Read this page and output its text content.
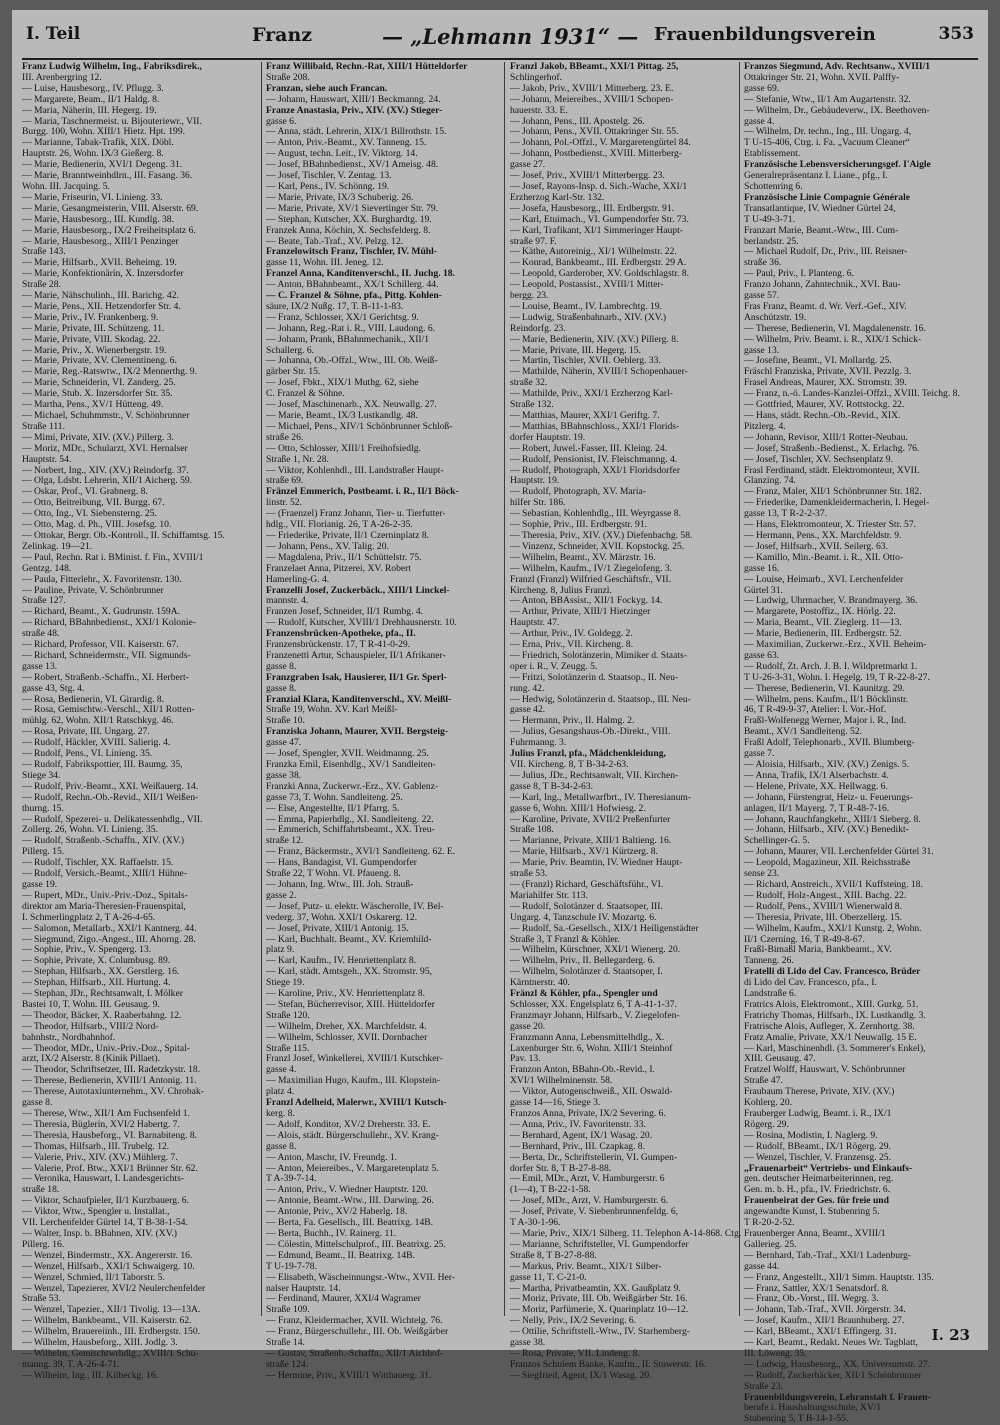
I. Teil	Franz	— „Lehmann 1931“ — Frauenbildungsverein	353
Franz Ludwig Wilhelm, Ing., Fabriksdirek.,
III. Arenbergring 12.
— Luise, Hausbesorg., IV. Pflugg. 3.
— Margarete, Beam., II/1 Haldg. 8.
— Maria, Näherin, III. Hegerg. 19.
— Maria, Taschnermeist. u. Bijouteriewr., VII.
Burgg. 100, Wohn. XIII/1 Hietz. Hpt. 199.
— Marianne, Tabak-Trafik, XIX. Döbl.
Hauptstr. 26, Wohn. IX/3 Gießerg. 8.
— Marie, Bedienerin, XVI/1 Degeng. 31.
— Marie, Branntweinhdlrn., III. Fasang. 36.
Wohn. III. Jacquing. 5.
— Marie, Friseurin, VI. Linieng. 33.
— Marie, Gesangmeisterin, VIII. Alserstr. 69.
— Marie, Hausbesorg., III. Kundlg. 38.
— Marie, Hausbesorg., IX/2 Freiheitsplatz 6.
— Marie, Hausbesorg., XIII/1 Penzinger
Straße 143.
— Marie, Hilfsarb., XVII. Beheimg. 19.
— Marie, Konfektionärin, X. Inzersdorfer
Straße 28.
— Marie, Nähschulinh., III. Barichg. 42.
— Marie, Pens., XII. Hetzendorfer Str. 4.
— Marie, Priv., IV. Frankenberg. 9.
— Marie, Private, III. Schützeng. 11.
— Marie, Private, VIII. Skodag. 22.
— Marie, Priv., X. Wienerbergstr. 19.
— Marie, Private, XV. Clementineng. 6.
— Marie, Reg.-Ratswtw., IX/2 Mennerthg. 9.
— Marie, Schneiderin, VI. Zanderg. 25.
— Marie, Stub. X. Inzersdorfer Str. 35.
— Martha, Pens., XV/1 Hütteng. 49.
— Michael, Schuhmmstr., V. Schönbrunner
Straße 111.
— Mimi, Private, XIV. (XV.) Pillerg. 3.
— Moriz, MDr., Schularzt, XVI. Hernalser
Hauptstr. 54.
— Norbert, Ing., XIV. (XV.) Reindorfg. 37.
— Olga, Ldsbt. Lehrerin, XII/1 Aicherg. 59.
— Oskar, Prof., VI. Grabnerg. 8.
— Otto, Beitreibung, VII. Burgg. 67.
— Otto, Ing., VI. Siebensterng. 25.
— Otto, Mag. d. Ph., VIII. Josefsg. 10.
— Ottokar, Bergr. Ob.-Kontroll., II. Schiffamtsg. 15.
Zelinkag. 19—21.
— Paul, Rechn. Rat i. BMinist. f. Fin., XVIII/1
Gentzg. 148.
— Paula, Fitterlehr., X. Favoritenstr. 130.
— Pauline, Private, V. Schönbrunner
Straße 127.
— Richard, Beamt., X. Gudrunstr. 159A.
— Richard, BBahnbedienst., XXI/1 Kolonie-
straße 48.
— Richard, Professor, VII. Kaiserstr. 67.
— Richard, Schneidermstr., VII. Sigmunds-
gasse 13.
— Robert, Straßenb.-Schaffn., XI. Herbert-
gasse 43, Stg. 4.
— Rosa, Bedienerin, VI. Girardig. 8.
— Rosa, Gemischtw.-Verschl., XII/1 Rotten-
mühlg. 62, Wohn. XII/1 Ratschkyg. 46.
— Rosa, Private, III. Ungarg. 27.
— Rudolf, Häckler, XVIII. Salierig. 4.
— Rudolf, Pens., VI. Linieng. 35.
— Rudolf, Fabrikspottier, III. Baumg. 35,
Stiege 34.
— Rudolf, Priv.-Beamt., XXI. Weißauerg. 14.
— Rudolf, Rechn.-Ob.-Revid., XII/1 Weißen-
thurng. 15.
— Rudolf, Spezerei- u. Delikatessenhdlg., VII.
Zollerg. 26, Wohn. VI. Linieng. 35.
— Rudolf, Straßenb.-Schaffn., XIV. (XV.)
Pillerg. 15.
— Rudolf, Tischler, XX. Raffaelstr. 15.
— Rudolf, Versich.-Beamt., XIII/1 Hühne-
gasse 19.
— Rupert, MDr., Univ.-Priv.-Doz., Spitals-
direktor am Maria-Theresien-Frauenspital,
I. Schmerlingplatz 2, T A-26-4-65.
— Salomon, Metallarb., XXI/1 Kantnerg. 44.
— Siegmund, Zigo.-Angest., III. Ahorng. 28.
— Sophie, Priv., V. Spengerg. 13.
— Sophie, Private, X. Columbusg. 89.
— Stephan, Hilfsarb., XX. Gerstlerg. 16.
— Stephan, Hilfsarb., XII. Hurtung. 4.
— Stephan, JDr., Rechtsanwalt, I. Mölker
Bastei 10, T. Wohn. III. Geusaug. 9.
— Theodor, Bäcker, X. Raaberbahng. 12.
— Theodor, Hilfsarb., VIII/2 Nord-
bahnhstr., Nordbahnhof.
— Theodor, MDr., Univ.-Priv.-Doz., Spital-
arzt, IX/2 Alserstr. 8 (Kinik Pillaet).
— Theodor, Schriftsetzer, III. Radetzkystr. 18.
— Therese, Bedienerin, XVIII/1 Antonig. 11.
— Therese, Autotaxiunternehm., XV. Chrobak-
gasse 8.
— Therese, Wtw., XII/1 Am Fuchsenfeld 1.
— Theresia, Büglerin, XVI/2 Habertg. 7.
— Theresia, Hausbeforg., VI. Barnabiteng. 8.
— Thomas, Hilfsarb., III. Trubelg. 12.
— Valerie, Priv., XIV. (XV.) Mühlerg. 7.
— Valerie, Prof. Btw., XXI/1 Brünner Str. 62.
— Veronika, Hauswart, I. Landesgerichts-
straße 18.
— Viktor, Schaufpieler, II/1 Kurzbauerg. 6.
— Viktor, Wtw., Spengler u. Installat.,
VII. Lerchenfelder Gürtel 14, T B-38-1-54.
— Walter, Insp. b. BBahnen, XIV. (XV.)
Pillerg. 16.
— Wenzel, Bindermstr., XX. Angererstr. 16.
— Wenzel, Hilfsarb., XXI/1 Schwaigerg. 10.
— Wenzel, Schmied, II/1 Taborstr. 5.
— Wenzel, Tapezierer, XVI/2 Neulerchenfelder
Straße 53.
— Wenzel, Tapezier., XII/1 Tivolig. 13—13A.
— Wilhelm, Bankbeamt., VII. Kaiserstr. 62.
— Wilhelm, Brauereiinh., III. Erdbergstr. 150.
— Wilhelm, Hausbeforg., XIII. Jodlg. 3.
— Wilhelm, Gemischtwrhdlg., XVIII/1 Schu-
manng. 39, T. A-26-4-71.
— Wilhelm, Ing., III. Kilbeckg. 16.
Franz Willibald, Rechn.-Rat, XIII/1 Hütteldorfer
Straße 208.
Franzan, siehe auch Francan.
— Johann, Hauswart, XIII/1 Beckmanng. 24.
Franze Anastasia, Priv., XIV. (XV.) Stieger-
gasse 6.
— Anna, städt. Lehrerin, XIX/1 Billrothstr. 15.
— Anton, Priv.-Beamt., XV. Tanneng. 15.
— August, techn. Leit., IV. Viktorg. 14.
— Josef, BBahnbedienst., XV/1 Ameisg. 48.
— Josef, Tischler, V. Zentag. 13.
— Karl, Pens., IV. Schönng. 19.
— Marie, Private, IX/3 Schuberig. 26.
— Marie, Private, XV/1 Sievertinger Str. 79.
— Stephan, Kutscher, XX. Burghardtg. 19.
Franzek Anna, Köchin, X. Sechsfelderg. 8.
— Beate, Tab.-Traf., XV. Pelzg. 12.
Franzelowitsch Franz, Tischler, IV. Mühl-
gasse 11, Wohn. III. Jeneg. 12.
Franzel Anna, Kanditenverschl., II. Juchg. 18.
— Anton, BBahnbeamt., XX/1 Schillerg. 44.
— C. Franzel & Söhne, pfa., Pittg. Kohlen-
säure, IX/2 Nußg. 17, T. B-11-1-83.
— Franz, Schlosser, XX/1 Gerichtsg. 9.
— Johann, Reg.-Rat i. R., VIII. Laudong. 6.
— Johann, Prank, BBahnmechanik., XII/1
Schallerg. 6.
— Johanna, Ob.-Offzl., Wtw., III. Ob. Weiß-
gärber Str. 15.
— Josef, Fbkt., XIX/1 Muthg. 62, siehe
C. Franzel & Söhne.
— Josef, Maschinenarb., XX. Neuwallg. 27.
— Marie, Beamt., IX/3 Lustkandlg. 48.
— Michael, Pens., XIV/1 Schönbrunner Schloß-
straße 26.
— Otto, Schlosser, XIII/1 Freihofsiedlg.
Straße 1, Nr. 28.
— Viktor, Kohlenhdl., III. Landstraßer Haupt-
straße 69.
Fränzel Emmerich, Postbeamt. i. R., II/1 Böck-
linstr. 52.
— (Fraenzel) Franz Johann, Tier- u. Tierfutter-
hdlg., VII. Florianig. 26, T A-26-2-35.
— Friederike, Private, II/1 Czerninplatz 8.
— Johann, Pens., XV. Talig. 20.
— Magdalena, Priv., II/1 Schüttelstr. 75.
Franzelaet Anna, Pitzerei, XV. Robert
Hamerling-G. 4.
Franzelli Josef, Zuckerbäck., XIII/1 Linckel-
mannstr. 4.
Franzen Josef, Schneider, II/1 Rumbg. 4.
— Rudolf, Kutscher, XVIII/1 Drehhausnerstr. 10.
Franzensbrücken-Apotheke, pfa., II.
Franzensbrückenstr. 17, T R-41-0-29.
Franzenetti Artur, Schauspieler, II/1 Afrikaner-
gasse 8.
Franzgraben Isak, Hausierer, II/1 Gr. Sperl-
gasse 8.
Franzial Klara, Kanditenverschl., XV. Meißl-
Straße 19, Wohn. XV. Karl Meißl-
Straße 10.
Franziska Johann, Maurer, XVII. Bergsteig-
gasse 47.
— Josef, Spengler, XVII. Weidmanng. 25.
Franzka Emil, Eisenhdlg., XV/1 Sandleiten-
gasse 38.
Franzki Anna, Zuckerwr.-Erz., XV. Gablenz-
gasse 73, T. Wohn. Sandleiteng. 25.
— Else, Angestellte, II/1 Pfarrg. 5.
— Emma, Papierhdlg., XI. Sandleiteng. 22.
— Emmerich, Schiffahrtsbeamt., XX. Treu-
straße 12.
— Franz, Bäckermstr., XVI/1 Sandleiteng. 62. E.
— Hans, Bandagist, VI. Gumpendorfer
Straße 22, T Wohn. VI. Pfaueng. 8.
— Johann, Ing. Wtw., III. Joh. Strauß-
gasse 2.
— Josef, Putz- u. elektr. Wäscherolle, IV. Bel-
vederg. 37, Wohn. XXI/1 Oskarerg. 12.
— Josef, Private, XIII/1 Antonig. 15.
— Karl, Buchhalt. Beamt., XV. Kriemhild-
platz 9.
— Karl, Kaufm., IV. Henriettenplatz 8.
— Karl, städt. Amtsgeh., XX. Stromstr. 95,
Stiege 19.
— Karoline, Priv., XV. Henriettenplatz 8.
— Stefan, Bücherrevisor, XIII. Hütteldorfer
Straße 120.
— Wilhelm, Dreher, XX. Marchfeldstr. 4.
— Wilhelm, Schlosser, XVII. Dornbacher
Straße 115.
Franzl Josef, Winkellerei, XVIII/1 Kutschker-
gasse 4.
— Maximilian Hugo, Kaufm., III. Klopstein-
platz 4.
Franzl Adelheid, Malerwr., XVIII/1 Kutsch-
kerg. 8.
— Adolf, Konditor, XV/2 Dreherstr. 33. E.
— Alois, städt. Bürgerschullehr., XV. Krang-
gasse 8.
— Anton, Maschr, IV. Freundg. 1.
— Anton, Meiereibes., V. Margaretenplatz 5.
T A-39-7-14.
— Anton, Priv., V. Wiedner Hauptstr. 120.
— Antonie, Beamt.-Wtw., III. Darwing. 26.
— Antonie, Priv., XV/2 Haberlg. 18.
— Berta, Fa. Gesellsch., III. Beatrixg. 14B.
— Berta, Buchh., IV. Rainerg. 11.
— Cölestin, Mittelschulprof., III. Beatrixg. 25.
— Edmund, Beamt., II. Beatrixg. 14B.
T U-19-7-78.
— Elisabeth, Wäscheinnungsr.-Wtw., XVII. Her-
nalser Hauptstr. 14.
— Ferdinand, Maurer, XXI/4 Wagramer
Straße 109.
— Franz, Kleidermacher, XVII. Wichtelg. 76.
— Franz, Bürgerschullehr., III. Ob. Weißgärber
Straße 14.
— Gustav, Straßenb.-Schaffn., XII/1 Aichhof-
straße 124.
— Hermine, Priv., XVIII/1 Witthauerg. 31.
Franzl Jakob, BBeamt., XXI/1 Pittag. 25,
Schlingerhof.
— Jakob, Priv., XVIII/1 Mitterberg. 23. E.
— Johann, Meiereibes., XVIII/1 Schopen-
hauerstr. 33. E.
— Johann, Pens., III. Apostelg. 26.
— Johann, Pens., XVII. Ottakringer Str. 55.
— Johann, Pol.-Offzl., V. Margaretengürtel 84.
— Johann, Postbedienst., XVIII. Mitterberg-
gasse 27.
— Josef, Priv., XVIII/1 Mitterbergg. 23.
— Josef, Rayons-Insp. d. Sich.-Wache, XXI/1
Erzherzog Karl-Str. 132.
— Josefa, Hausbesorg., III. Erdbergstr. 91.
— Karl, Etuimach., VI. Gumpendorfer Str. 73.
— Karl, Trafikant, XI/1 Simmeringer Haupt-
straße 97. F.
— Käthe, Autoreinig., XI/1 Wilhelmstr. 22.
— Konrad, Bankbeamt., III. Erdbergstr. 29 A.
— Leopold, Garderober, XV. Goldschlagstr. 8.
— Leopold, Postassist., XVIII/1 Mitter-
bergg. 23.
— Louise, Beamt., IV. Lambrechtg. 19.
— Ludwig, Straßenbahnarb., XIV. (XV.)
Reindorfg. 23.
— Marie, Bedienerin, XIV. (XV.) Pillerg. 8.
— Marie, Private, III. Hegerg. 15.
— Martin, Tischler, XVII. Oeblerg. 33.
— Mathilde, Näherin, XVIII/1 Schopenhauer-
straße 32.
— Mathilde, Priv., XXI/1 Erzherzog Karl-
Straße 132.
— Matthias, Maurer, XXI/1 Geriftg. 7.
— Matthias, BBahnschloss., XXI/1 Florids-
dorfer Hauptstr. 19.
— Robert, Juwel.-Fasser, III. Kleing. 24.
— Rudolf, Pensionist, IV. Fleischmanng. 4.
— Rudolf, Photograph, XXI/1 Floridsdorfer
Hauptstr. 19.
— Rudolf, Photograph, XV. Maria-
hilfer Str. 186.
— Sebastian, Kohlenhdlg., III. Weyrgasse 8.
— Sophie, Priv., III. Erdbergstr. 91.
— Theresia, Priv., XIV. (XV.) Diefenbachg. 58.
— Vinzenz, Schneider, XVII. Kopstockg. 25.
— Wilhelm, Beamt., XV. Märzstr. 16.
— Wilhelm, Kaufm., IV/1 Ziegelofeng. 3.
Franzl (Franzl) Wilfried Geschäftsfr., VII.
Kircheng. 8, Julius Franzl.
— Anton, BBAssist., XII/1 Fockyg. 14.
— Arthur, Private, XIII/1 Hietzinger
Hauptstr. 47.
— Arthur, Priv., IV. Goldegg. 2.
— Erna, Priv., VII. Kircheng. 8.
— Friedrich, Solotänzerin, Mimiker d. Staats-
oper i. R., V. Zeugg. 5.
— Fritzi, Solotänzerin d. Staatsop., II. Neu-
rung. 42.
— Hedwig, Solotänzerin d. Staatsop., III. Neu-
gasse 42.
— Hermann, Priv., II. Halmg. 2.
— Julius, Gesangshaus-Ob.-Direkt., VIII.
Fuhrmanng. 3.
Julius Franzl, pfa., Mädchenkleidung,
VII. Kircheng. 8, T B-34-2-63.
— Julius, JDr., Rechtsanwalt, VII. Kirchen-
gasse 8, T B-34-2-63.
— Karl, Ing., Metallwarfbrt., IV. Theresianum-
gasse 6, Wohn. XIII/1 Hofwiesg. 2.
— Karoline, Private, XVII/2 Preßenfurter
Straße 108.
— Marianne, Private, XIII/1 Baltieng. 16.
— Marie, Hilfsarb., XV/1 Kürtzerg. 8.
— Marie, Priv. Beamtin, IV. Wiedner Haupt-
straße 53.
— (Franzl) Richard, Geschäftsführ., VI.
Mariahilfer Str. 113.
— Rudolf, Solotänzer d. Staatsoper, III.
Ungarg. 4, Tanzschule IV. Mozartg. 6.
— Rudolf, Sa.-Gesellsch., XIX/1 Heiligenstädter
Straße 3, T Franzl & Köhler.
— Wilhelm, Kürschner, XXI/1 Wienerg. 20.
— Wilhelm, Priv., II. Bellegarderg. 6.
— Wilhelm, Solotänzer d. Staatsoper, I.
Kärntnerstr. 40.
Fränzl & Köhler, pfa., Spengler und
Schlosser, XX. Engelsplatz 6, T A-41-1-37.
Franzmayr Johann, Hilfsarb., V. Ziegelofen-
gasse 20.
Franzmann Anna, Lebensmittelhdlg., X.
Laxenburger Str. 6, Wohn. XIII/1 Steinhof
Pav. 13.
Franzon Anton, BBahn-Ob.-Revid., I.
XVI/1 Wilhelminenstr. 58.
— Viktor, Autogenschweiß., XII. Oswald-
gasse 14—16, Stiege 3.
Franzos Anna, Private, IX/2 Severing. 6.
— Anna, Priv., IV. Favoritenstr. 33.
— Bernhard, Agent, IX/1 Wasag. 20.
— Bernhard, Priv., III. Czapkag. 8.
— Berta, Dr., Schriftstellerin, VI. Gumpen-
dorfer Str. 8, T B-27-8-88.
— Emil, MDr., Arzt, V. Hamburgerstr. 6
(1—4), T B-22-1-58.
— Josef, MDr., Arzt, V. Hamburgerstr. 6.
— Josef, Private, V. Siebenbrunnenfeldg. 6,
T A-30-1-96.
— Marie, Priv., XIX/1 Silberg. 11. Telephon A-14-868. Ctg.
— Marianne, Schriftsteller, VI. Gumpendorfer
Straße 8, T B-27-8-88.
— Markus, Priv. Beamt., XIX/1 Silber-
gasse 11, T. C-21-0.
— Martha, Privatbeamtin, XX. Gaußplatz 9.
— Moriz, Private, III. Ob. Weißgärber Str. 16.
— Moriz, Parfümerie, X. Quarinplatz 10—12.
— Nelly, Priv., IX/2 Severing. 6.
— Ottilie, Schriftstell.-Wtw., IV. Starhemberg-
gasse 38.
— Rosa, Private, VII. Lindeng. 8.
Franzos Schulem Banke, Kaufm., II. Stuwerstr. 16.
— Siegfried, Agent, IX/1 Wasag. 20.
Franzos Siegmund, Adv. Rechtsanw., XVIII/1
Ottakringer Str. 21, Wohn. XVII. Palffy-
gasse 69.
— Stefanie, Wtw., II/1 Am Augartenstr. 32.
— Wilhelm, Dr., Gebäudeverw., IX. Beethoven-
gasse 4.
— Wilhelm, Dr. techn., Ing., III. Ungarg. 4,
T U-15-406, Ctrg. i. Fa. „Vacuum Cleaner“
Etablissement.
Französische Lebensversicherungsgef. I'Aigle
Generalrepräsentanz I. Liane., pfg., I.
Schottenring 6.
Französische Linie Compagnie Générale
Transatlantique, IV. Wiedner Gürtel 24,
T U-49-3-71.
Franzart Marie, Beamt.-Wtw., III. Cum-
berlandstr. 25.
— Michael Rudolf, Dr., Priv., III. Reisner-
straße 36.
— Paul, Priv., I. Planteng. 6.
Franzo Johann, Zahntechnik., XVI. Bau-
gasse 57.
Fras Franz, Beamt. d. Wr. Verf.-Gef., XIV.
Anschützstr. 19.
— Therese, Bedienerin, VI. Magdalenenstr. 16.
— Wilhelm, Priv. Beamt. i. R., XIX/1 Schick-
gasse 13.
— Josefine, Beamt., VI. Mollardg. 25.
Fräschl Franziska, Private, XVII. Pezzlg. 3.
Frasel Andreas, Maurer, XX. Stromstr. 39.
— Franz, n.-ö. Landes-Kanzlei-Offzl., XVIII. Teichg. 8.
— Gottfried, Maurer, XV. Rottstockg. 22.
— Hans, städt. Rechn.-Ob.-Revid., XIX.
Pitzlerg. 4.
— Johann, Revisor, XIII/1 Rotter-Neubau.
— Josef, Straßenb.-Bedienst., X. Erlachg. 76.
— Josef, Tischler, XV. Sechsenplatz 9.
Frasl Ferdinand, städt. Elektromonteur, XVII.
Glanzing. 74.
— Franz, Maler, XII/1 Schönbrunner Str. 182.
— Friederike, Damenkleidermacherin, I. Hegel-
gasse 13, T R-2-2-37.
— Hans, Elektromonteur, X. Triester Str. 57.
— Hermann, Pens., XX. Marchfeldstr. 9.
— Josef, Hilfsarb., XVII. Seilerg. 63.
— Kamillo, Min.-Beamt. i. R., XII. Otto-
gasse 16.
— Louise, Heimarb., XVI. Lerchenfelder
Gürtel 31.
— Ludwig, Uhrmacher, V. Brandmayerg. 36.
— Margarete, Postoffiz., IX. Hörlg. 22.
— Maria, Beamt., VII. Zieglerg. 11—13.
— Marie, Bedienerin, III. Erdbergstr. 52.
— Maximilian, Zuckerwr.-Erz., XVII. Beheim-
gasse 63.
— Rudolf, Zt. Arch. J. B. I. Wildpretmarkt 1.
T U-26-3-31, Wohn. I. Hegelg. 19, T R-22-8-27.
— Therese, Bedienerin, VI. Kaunitzg. 29.
— Wilhelm, pens. Kaufm., II/1 Böcklinstr.
46, T R-49-9-37, Atelier: I. Vor.-Hof.
Fraßl-Wolfenegg Werner, Major i. R., Ind.
Beamt., XV/1 Sandleiteng. 52.
Fraßl Adolf, Telephonarb., XVII. Blumberg-
gasse 7.
— Aloisia, Hilfsarb., XIV. (XV.) Zenigs. 5.
— Anna, Trafik, IX/1 Alserbachstr. 4.
— Helene, Private, XX. Hellwagg. 6.
— Johann, Fürstengrat, Heiz- u. Feuerungs-
anlagen, II/1 Mayerg. 7, T R-48-7-16.
— Johann, Rauchfangkehr., XIII/1 Sieberg. 8.
— Johann, Hilfsarb., XIV. (XV.) Benedikt-
Schellinger-G. 5.
— Johann, Maurer, VII. Lerchenfelder Gürtel 31.
— Leopold, Magazineur, XII. Reichsstraße
sense 23.
— Richard, Anstreich., XVII/1 Kuffsteing. 18.
— Rudolf, Holz-Angest., XIII. Bachg. 22.
— Rudolf, Pens., XVIII/1 Wienerwald 8.
— Theresia, Private, III. Oberzellerg. 15.
— Wilhelm, Kaufm., XXI/1 Kunstg. 2, Wohn.
II/1 Czerning. 16, T R-49-8-67.
Fraßl-Bimaßl Maria, Bankbeamt., XV.
Tanneng. 26.
Fratelli di Lido del Cav. Francesco, Brüder
di Lido del Cav. Francesco, pfa., I.
Landstraße 6.
Fratrics Alois, Elektromont., XIII. Gurkg. 51.
Fratrichy Thomas, Hilfsarb., IX. Lustkandlg. 3.
Fratrische Alois, Aufleger, X. Zernhortg. 38.
Fratz Amalie, Private, XX/1 Neuwallg. 15 E.
— Karl, Maschinenhdl. (3. Sommerer's Enkel),
XIII. Geusaug. 47.
Fratzel Wolff, Hauswart, V. Schönbrunner
Straße 47.
Fraubaum Therese, Private, XIV. (XV.)
Kohlerg. 20.
Frauberger Ludwig, Beamt. i. R., IX/1
Rögerg. 29.
— Rosina, Modistin, I. Naglerg. 9.
— Rudolf, BBeamt., IX/1 Rögerg. 29.
— Wenzel, Tischler, V. Franzensg. 25.
„Frauenarbeit“ Vertriebs- und Einkaufs-
gen. deutscher Heimarbeiterinnen, reg.
Gen. m. b. H., pfa., IV. Friedrichstr. 6.
Frauenbeirat der Ges. für freie und
angewandte Kunst, I. Stubenring 5.
T R-20-2-52.
Frauenberger Anna, Beamt., XVIII/1
Gallerieg. 25.
— Bernhard, Tab.-Traf., XXI/1 Ladenburg-
gasse 44.
— Franz, Angestellt., XII/1 Simm. Hauptstr. 135.
— Franz, Sattler, XX/1 Senatsdorf. 8.
— Franz, Ob.-Vorst., III. Wegrg. 3.
— Johann, Tab.-Traf., XVII. Jörgerstr. 34.
— Josef, Kaufm., XII/1 Braunhuberg. 27.
— Karl, BBeamt., XXI/1 Effingerg. 31.
— Karl, Beamt., Redakt. Neues Wr. Tagblatt,
III. Löweng. 35.
— Ludwig, Hausbesorg., XX. Universumstr. 27.
— Rudolf, Zuckerbäcker, XII/1 Schönbrunner
Straße 23.
Frauenbildungsverein, Lehranstalt f. Frauen-
berufe i. Haushaltungsschule, XV/1
Stubenring 5, T B-14-1-55.
I. 23
